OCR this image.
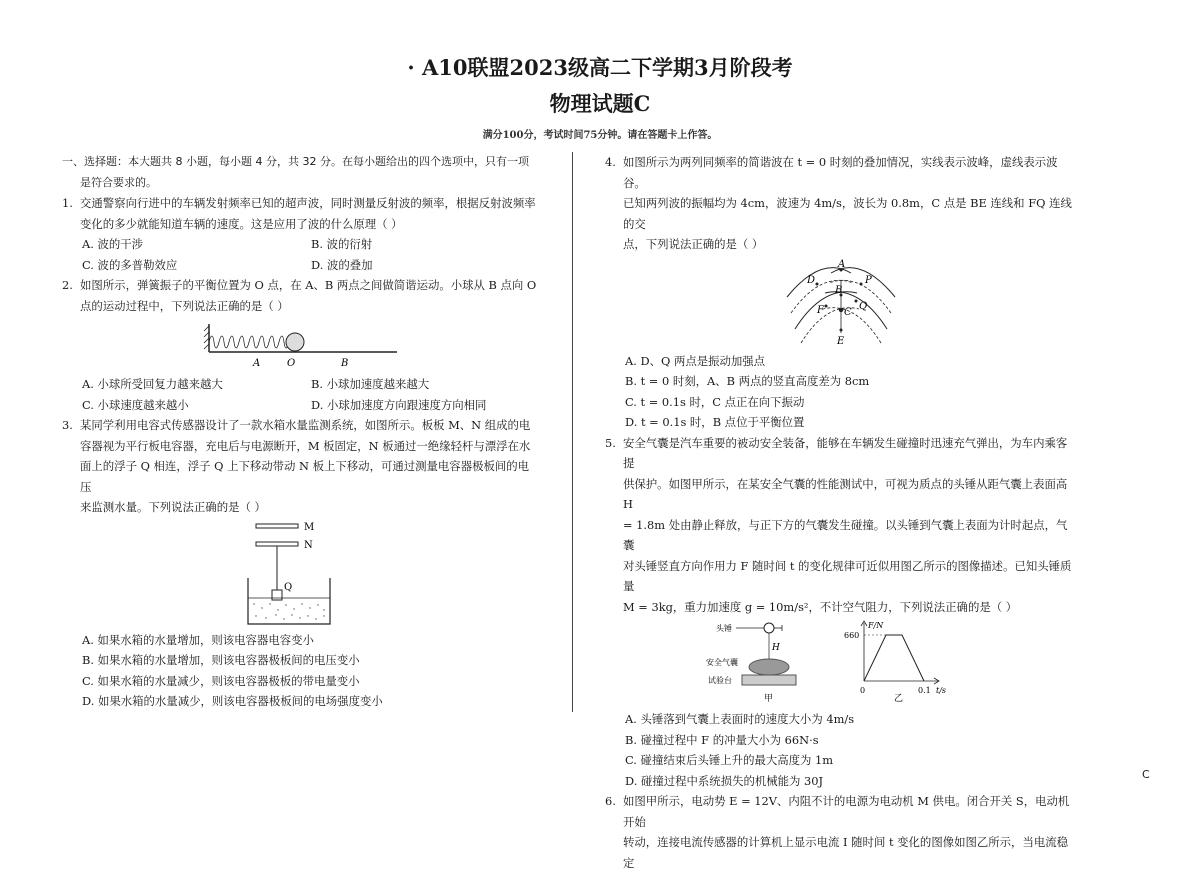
· A10联盟2023级高二下学期3月阶段考
物理试题C
满分100分，考试时间75分钟。请在答题卡上作答。
一、选择题：本大题共 8 小题，每小题 4 分，共 32 分。在每小题给出的四个选项中，只有一项
是符合要求的。
1. 交通警察向行进中的车辆发射频率已知的超声波，同时测量反射波的频率，根据反射波频率
变化的多少就能知道车辆的速度。这是应用了波的什么原理（ ）
A. 波的干涉	B. 波的衍射
C. 波的多普勒效应	D. 波的叠加
2. 如图所示，弹簧振子的平衡位置为 O 点，在 A、B 两点之间做简谐运动。小球从 B 点向 O
点的运动过程中，下列说法正确的是（ ）
A	O	B
A. 小球所受回复力越来越大	B. 小球加速度越来越大
C. 小球速度越来越小	D. 小球加速度方向跟速度方向相同
3. 某同学利用电容式传感器设计了一款水箱水量监测系统，如图所示。板板 M、N 组成的电
容器视为平行板电容器，充电后与电源断开，M 板固定，N 板通过一绝缘轻杆与漂浮在水
面上的浮子 Q 相连，浮子 Q 上下移动带动 N 板上下移动，可通过测量电容器极板间的电压
来监测水量。下列说法正确的是（ ）
M
N
Q
A. 如果水箱的水量增加，则该电容器电容变小
B. 如果水箱的水量增加，则该电容器极板间的电压变小
C. 如果水箱的水量减少，则该电容器极板的带电量变小
D. 如果水箱的水量减少，则该电容器极板间的电场强度变小
4. 如图所示为两列同频率的简谐波在 t = 0 时刻的叠加情况，实线表示波峰，虚线表示波谷。
已知两列波的振幅均为 4cm，波速为 4m/s，波长为 0.8m，C 点是 BE 连线和 FQ 连线的交
点，下列说法正确的是（ ）
A
D	P
B
F	Q
C
E
A. D、Q 两点是振动加强点
B. t = 0 时刻，A、B 两点的竖直高度差为 8cm
C. t = 0.1s 时，C 点正在向下振动
D. t = 0.1s 时，B 点位于平衡位置
5. 安全气囊是汽车重要的被动安全装备，能够在车辆发生碰撞时迅速充气弹出，为车内乘客提
供保护。如图甲所示，在某安全气囊的性能测试中，可视为质点的头锤从距气囊上表面高 H
= 1.8m 处由静止释放，与正下方的气囊发生碰撞。以头锤到气囊上表面为计时起点，气囊
对头锤竖直方向作用力 F 随时间 t 的变化规律可近似用图乙所示的图像描述。已知头锤质量
M = 3kg，重力加速度 g = 10m/s²，不计空气阻力，下列说法正确的是（ ）
头锤
H
安全气囊
试验台
甲
F/N
660
0	0.1 t/s
乙
A. 头锤落到气囊上表面时的速度大小为 4m/s
B. 碰撞过程中 F 的冲量大小为 66N·s
C. 碰撞结束后头锤上升的最大高度为 1m
D. 碰撞过程中系统损失的机械能为 30J
6. 如图甲所示，电动势 E = 12V、内阻不计的电源为电动机 M 供电。闭合开关 S，电动机开始
转动，连接电流传感器的计算机上显示电流 I 随时间 t 变化的图像如图乙所示，当电流稳定
C
